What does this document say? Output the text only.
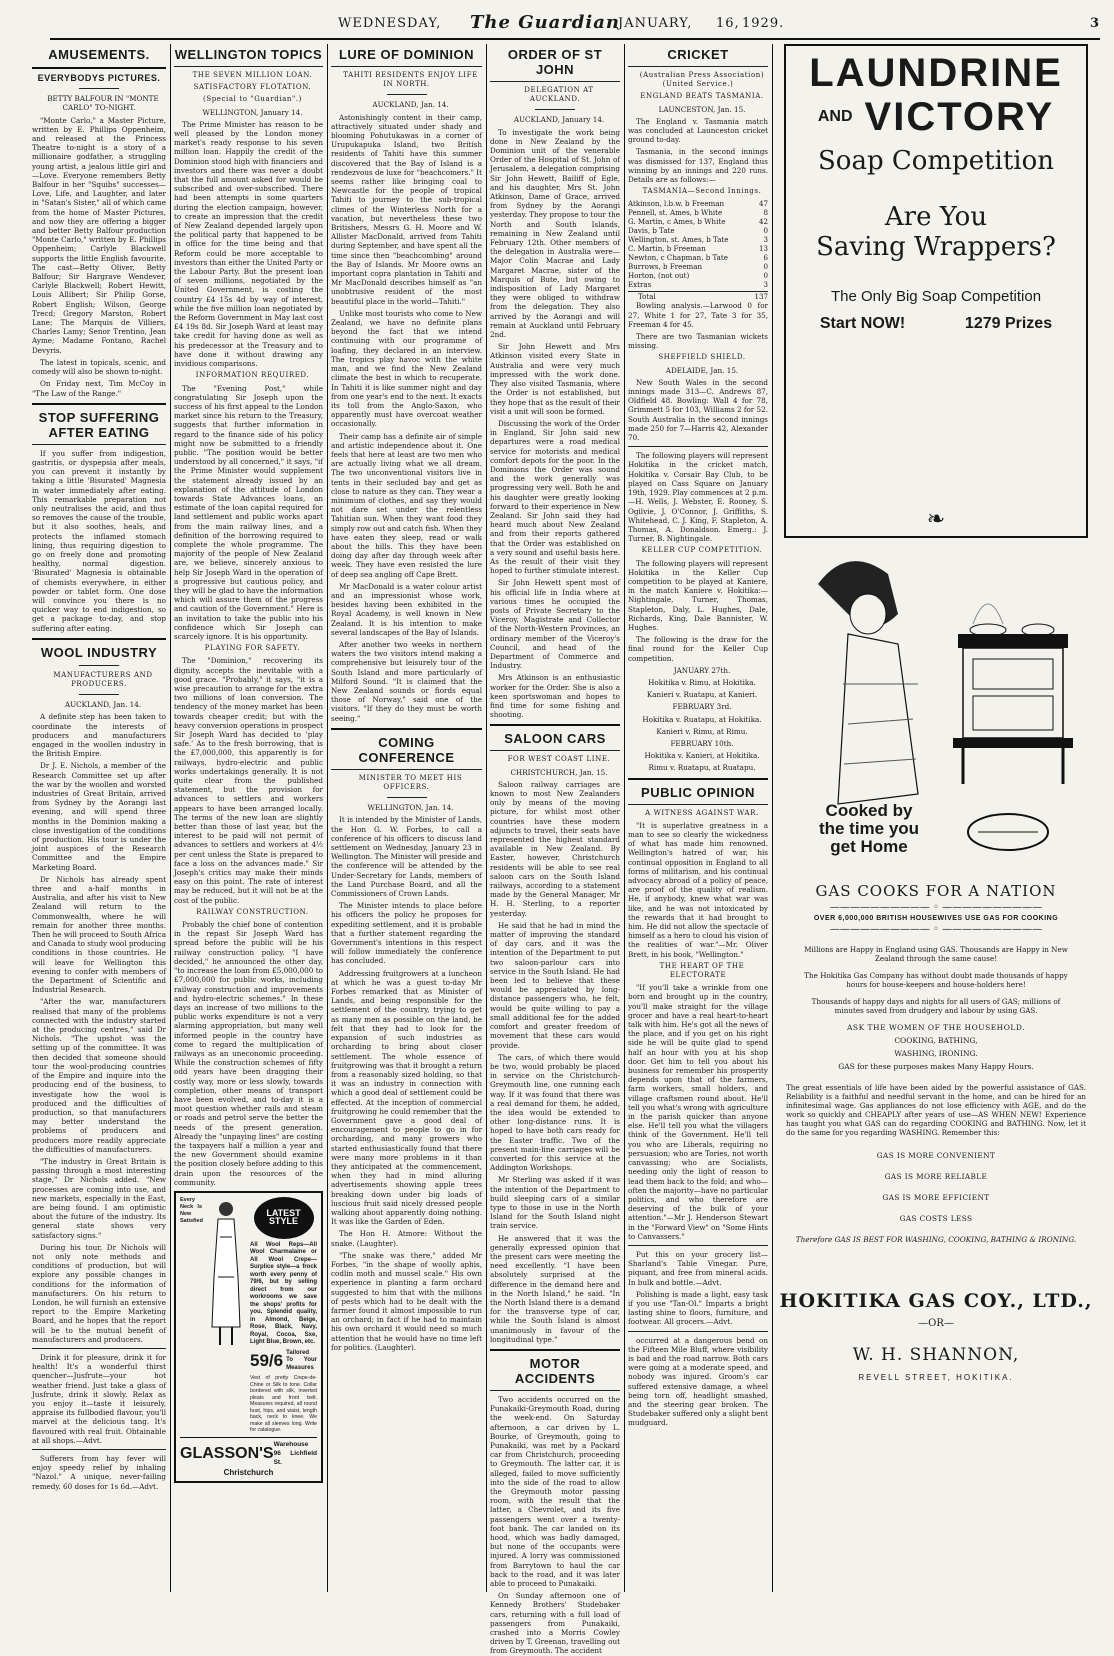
WEDNESDAY, The Guardian
JANUARY, 16, 1929.	3
AMUSEMENTS.
EVERYBODYS PICTURES.

BETTY BALFOUR IN "MONTE CARLO" TO-NIGHT.

"Monte Carlo," a Master Picture, written by E. Phillips Oppenheim, and released at the Princess Theatre to-night is a story of a millionaire godfather, a struggling young artist, a jealous little girl and—Love. Everyone remembers Betty Balfour in her "Squibs" successes—Love, Life, and Laughter, and later in "Satan's Sister," all of which came from the home of Master Pictures, and now they are offering a bigger and better Betty Balfour production "Monte Carlo," written by E. Phillips Oppenheim; Carlyle Blackwell supports the little English favourite. The cast—Betty Oliver, Betty Balfour; Sir Hargrave Wendever, Carlyle Blackwell; Robert Hewitt, Louis Allibert; Sir Philip Gorse, Robert English; Wilson, George Trecd; Gregory Marston, Robert Lane; The Marquis de Villiers, Charles Lamy; Senor Trentino, Jean Ayme; Madame Fontano, Rachel Devyris.

The latest in topicals, scenic, and comedy will also be shown to-night.

On Friday next, Tim McCoy in "The Law of the Range."

STOP SUFFERING AFTER EATING

If you suffer from indigestion, gastritis, or dyspepsia after meals, you can prevent it instantly by taking a little 'Bisurated' Magnesia in water immediately after eating. This remarkable preparation not only neutralises the acid, and thus so removes the cause of the trouble, but it also soothes, heals, and protects the inflamed stomach lining, thus requiring digestion to go on freely done and promoting healthy, normal digestion. 'Bisurated' Magnesia is obtainable of chemists everywhere, in either powder or tablet form. One dose will convince you there is no quicker way to end indigestion, so get a package to-day, and stop suffering after eating.

WOOL INDUSTRY

MANUFACTURERS AND PRODUCERS.

AUCKLAND, Jan. 14.

A definite step has been taken to coordinate the interests of producers and manufacturers engaged in the woollen industry in the British Empire.

Dr J. E. Nichols, a member of the Research Committee set up after the war by the woollen and worsted industries of Great Britain, arrived from Sydney by the Aorangi last evening, and will spend three months in the Dominion making a close investigation of the conditions of production. His tour is under the joint auspices of the Research Committee and the Empire Marketing Board.

Dr Nichols has already spent three and a-half months in Australia, and after his visit to New Zealand will return to the Commonwealth, where he will remain for another three months. Then he will proceed to South Africa and Canada to study wool producing conditions in those countries. He will leave for Wellington this evening to confer with members of the Department of Scientific and Industrial Research.

"After the war, manufacturers realised that many of the problems connected with the industry started at the producing centres," said Dr Nichols. "The upshot was the setting up of the committee. It was then decided that someone should tour the wool-producing countries of the Empire and inquire into the producing end of the business, to investigate how the wool is produced and the difficulties of production, so that manufacturers may better understand the problems of producers and producers more readily appreciate the difficulties of manufacturers.

"The industry in Great Britain is passing through a most interesting stage," Dr Nichols added. "New processes are coming into use, and new markets, especially in the East, are being found. I am optimistic about the future of the industry. Its general state shows very satisfactory signs."

During his tour, Dr Nichols will not only note methods and conditions of production, but will explore any possible changes in conditions for the information of manufacturers. On his return to London, he will furnish an extensive report to the Empire Marketing Board, and he hopes that the report will be to the mutual benefit of manufacturers and producers.

Drink it for pleasure, drink it for health! It's a wonderful thirst quencher—Jusfrute—your hot weather friend. Just take a glass of Jusfrute, drink it slowly. Relax as you enjoy it—taste it leisurely, appraise its fullbodied flavour, you'll marvel at the delicious tang. It's flavoured with real fruit. Obtainable at all shops.—Advt.

Sufferers from hay fever will enjoy speedy relief by inhaling "Nazol." A unique, never-failing remedy. 60 doses for 1s 6d.—Advt.

WELLINGTON TOPICS

THE SEVEN MILLION LOAN.

SATISFACTORY FLOTATION.

(Special to "Guardian".)

WELLINGTON, January 14.

The Prime Minister has reason to be well pleased by the London money market's ready response to his seven million loan. Happily the credit of the Dominion stood high with financiers and investors and there was never a doubt that the full amount asked for would be subscribed and over-subscribed. There had been attempts in some quarters during the election campaign, however, to create an impression that the credit of New Zealand depended largely upon the political party that happened to be in office for the time being and that Reform could be more acceptable to investors than either the United Party or the Labour Party. But the present loan of seven millions, negotiated by the United Government, is costing the country £4 15s 4d by way of interest, while the five million loan negotiated by the Reform Government in May last cost £4 19s 8d. Sir Joseph Ward at least may take credit for having done as well as his predecessor at the Treasury and to have done it without drawing any invidious comparisons.

INFORMATION REQUIRED.

The "Evening Post," while congratulating Sir Joseph upon the success of his first appeal to the London market since his return to the Treasury, suggests that further information in regard to the finance side of his policy might now be submitted to a friendly public. "The position would be better understood by all concerned," it says, "if the Prime Minister would supplement the statement already issued by an explanation of the attitude of London towards State Advances loans, an estimate of the loan capital required for land settlement and public works apart from the main railway lines, and a definition of the borrowing required to complete the whole programme. The majority of the people of New Zealand are, we believe, sincerely anxious to help Sir Joseph Ward in the operation of a progressive but cautious policy, and they will be glad to have the information which will assure them of the progress and caution of the Government." Here is an invitation to take the public into his confidence which Sir Joseph can scarcely ignore. It is his opportunity.

PLAYING FOR SAFETY.

The "Dominion," recovering its dignity, accepts the inevitable with a good grace. "Probably," it says, "it is a wise precaution to arrange for the extra two millions of loan conversion. The tendency of the money market has been towards cheaper credit; but with the heavy conversion operations in prospect Sir Joseph Ward has decided to 'play safe.' As to the fresh borrowing, that is the £7,000,000, this apparently is for railways, hydro-electric and public works undertakings generally. It is not quite clear from the published statement, but the provision for advances to settlers and workers appears to have been arranged locally. The terms of the new loan are slightly better than those of last year, but the interest to be paid will not permit of advances to settlers and workers at 4½ per cent unless the State is prepared to face a loss on the advances made." Sir Joseph's critics may make their minds easy on this point. The rate of interest may be reduced, but it will not be at the cost of the public.

RAILWAY CONSTRUCTION.

Probably the chief bone of contention in the repast Sir Joseph Ward has spread before the public will be his railway construction policy. "I have decided," he announced the other day, "to increase the loan from £5,000,000 to £7,000,000 for public works, including railway construction and improvements and hydro-electric schemes." In these days an increase of two millions to the public works expenditure is not a very alarming appropriation, but many well informed people in the country have come to regard the multiplication of railways as an uneconomic proceeding. While the construction schemes of fifty odd years have been dragging their costly way, more or less slowly, towards completion, other means of transport have been evolved, and to-day it is a moot question whether rails and steam or roads and petrol serve the better the needs of the present generation. Already the "unpaying lines" are costing the taxpayers half a million a year and the new Government should examine the position closely before adding to this drain upon the resources of the community.

Every Neck Is New Satisfied
LATEST STYLE
All Wool Reps—All Wool Charmalaine or All Wool Crepe—Surplice style—a frock worth every penny of 79/6, but by selling direct from our workrooms we save the shops' profits for you. Splendid quality, in Almond, Beige, Rose, Black, Navy, Royal, Cocoa, Sxe, Light Blue, Brown, etc.
59/6 Tailored To Your Measures
Vest of pretty Crepe-de-Chine or Silk to tone. Collar bordered with silk, inverted pleats and front belt. Measures required, all round bust, hips, and waist, length back, neck to knee. We make all sleeves long. Write for catalogue.
GLASSON'S
Warehouse 96 Lichfield St.
Christchurch
LURE OF DOMINION

TAHITI RESIDENTS ENJOY LIFE IN NORTH.

AUCKLAND, Jan. 14.

Astonishingly content in their camp, attractively situated under shady and blooming Pohutukawas in a corner of Urupukapuka Island, two British residents of Tahiti have this summer discovered that the Bay of Island is a rendezvous de luxe for "beachcomers." It seems rather like bringing coal to Newcastle for the people of tropical Tahiti to journey to the sub-tropical climes of the Winterless North for a vacation, but nevertheless these two Britishers, Messrs G. H. Moore and W. Allister MacDonald, arrived from Tahiti during September, and have spent all the time since then "beachcombing" around the Bay of Islands. Mr Moore owns an important copra plantation in Tahiti and Mr MacDonald describes himself as "an unobtrusive resident of the most beautiful place in the world—Tahiti."

Unlike most tourists who come to New Zealand, we have no definite plans beyond the fact that we intend continuing with our programme of loafing, they declared in an interview. The tropics play havoc with the white man, and we find the New Zealand climate the best in which to recuperate. In Tahiti it is like summer night and day from one year's end to the next. It exacts its toll from the Anglo-Saxon, who apparently must have overcoat weather occasionally.

Their camp has a definite air of simple and artistic independence about it. One feels that here at least are two men who are actually living what we all dream. The two unconventional visitors live in tents in their secluded bay and get as close to nature as they can. They wear a minimum of clothes, and say they would not dare set under the relentless Tahitian sun. When they want food they simply row out and catch fish. When they have eaten they sleep, read or walk about the hills. This they have been doing day after day through week after week. They have even resisted the lure of deep sea angling off Cape Brett.

Mr MacDonald is a water colour artist and an impressionist whose work, besides having been exhibited in the Royal Academy, is well known in New Zealand. It is his intention to make several landscapes of the Bay of Islands.

After another two weeks in northern waters the two visitors intend making a comprehensive but leisurely tour of the South Island and more particularly of Milford Sound. "It is claimed that the New Zealand sounds or fiords equal those of Norway," said one of the visitors. "If they do they must be worth seeing."

COMING CONFERENCE

MINISTER TO MEET HIS OFFICERS.

WELLINGTON, Jan. 14.

It is intended by the Minister of Lands, the Hon G. W. Forbes, to call a conference of his officers to discuss land settlement on Wednesday, January 23 in Wellington. The Minister will preside and the conference will be attended by the Under-Secretary for Lands, members of the Land Purchase Board, and all the Commissioners of Crown Lands.

The Minister intends to place before his officers the policy he proposes for expediting settlement, and it is probable that a further statement regarding the Government's intentions in this respect will follow immediately the conference has concluded.

Addressing fruitgrowers at a luncheon at which he was a guest to-day Mr Forbes remarked that as Minister of Lands, and being responsible for the settlement of the country, trying to get as many men as possible on the land, he felt that they had to look for the expansion of such industries as orcharding to bring about closer settlement. The whole essence of fruitgrowing was that it brought a return from a reasonably sized holding, so that it was an industry in connection with which a good deal of settlement could be effected. At the inception of commercial fruitgrowing he could remember that the Government gave a good deal of encouragement to people to go in for orcharding, and many growers who started enthusiastically found that there were many more problems in it than they anticipated at the commencement, when they had in mind alluring advertisements showing apple trees breaking down under big loads of luscious fruit said nicely dressed people walking about apparently doing nothing. It was like the Garden of Eden.

The Hon H. Atmore: Without the snake. (Laughter).

"The snake was there," added Mr Forbes, "in the shape of woolly aphis, codlin moth and mussel scale." His own experience in planting a farm orchard suggested to him that with the millions of pests which had to be dealt with the farmer found it almost impossible to run an orchard; in fact if he had to maintain his own orchard it would need so much attention that he would have no time left for politics. (Laughter).

ORDER OF ST JOHN

DELEGATION AT AUCKLAND.

AUCKLAND, January 14.

To investigate the work being done in New Zealand by the Dominion unit of the venerable Order of the Hospital of St. John of Jerusalem, a delegation comprising Sir John Hewett, Bailiff of Egle, and his daughter, Mrs St. John Atkinson, Dame of Grace, arrived from Sydney by the Aorangi yesterday. They propose to tour the North and South Islands, remaining in New Zealand until February 12th. Other members of the delegation in Australia were—Major Colin Macrae and Lady Margaret Macrae, sister of the Marquis of Bute, but owing to indisposition of Lady Margaret they were obliged to withdraw from the delegation. They also arrived by the Aorangi and will remain at Auckland until February 2nd.

Sir John Hewett and Mrs Atkinson visited every State in Australia and were very much impressed with the work done. They also visited Tasmania, where the Order is not established, but they hope that as the result of their visit a unit will soon be formed.

Discussing the work of the Order in England, Sir John said new departures were a road medical service for motorists and medical comfort depots for the poor. In the Dominions the Order was sound and the work generally was progressing very well. Both he and his daughter were greatly looking forward to their experience in New Zealand. Sir John said they had heard much about New Zealand and from their reports gathered that the Order was established on a very sound and useful basis here. As the result of their visit they hoped to further stimulate interest.

Sir John Hewett spent most of his official life in India where at various times he occupied the posts of Private Secretary to the Viceroy, Magistrate and Collector of the North-Western Provinces, an ordinary member of the Viceroy's Council, and head of the Department of Commerce and Industry.

Mrs Atkinson is an enthusiastic worker for the Order. She is also a keen sportswoman and hopes to find time for some fishing and shooting.

SALOON CARS

FOR WEST COAST LINE.

CHRISTCHURCH, Jan. 15.

Saloon railway carriages are known to most New Zealanders only by means of the moving picture, for whilst most other countries have these modern adjuncts to travel, their seats have represented the highest standard available in New Zealand. By Easter, however, Christchurch residents will be able to see real saloon cars on the South Island railways, according to a statement made by the General Manager, Mr H. H. Sterling, to a reporter yesterday.

He said that he had in mind the matter of improving the standard of day cars, and it was the intention of the Department to put two saloon-parlour cars into service in the South Island. He had been led to believe that these would be appreciated by long-distance passengers who, he felt, would be quite willing to pay a small additional fee for the added comfort and greater freedom of movement that these cars would provide.

The cars, of which there would be two, would probably be placed in service on the Christchurch-Greymouth line, one running each way. If it was found that there was a real demand for them, he added, the idea would be extended to other long-distance runs. It is hoped to have both cars ready for the Easter traffic. Two of the present main-line carriages will be converted for this service at the Addington Workshops.

Mr Sterling was asked if it was the intention of the Department to build sleeping cars of a similar type to those in use in the North Island for the South Island night train service.

He answered that it was the generally expressed opinion that the present cars were meeting the need excellently. "I have been absolutely surprised at the difference in the demand here and in the North Island," he said. "In the North Island there is a demand for the transverse type of car, while the South Island is almost unanimously in favour of the longitudinal type."

MOTOR ACCIDENTS

Two accidents occurred on the Punakaiki-Greymouth Road, during the week-end. On Saturday afternoon, a car driven by L. Bourke, of Greymouth, going to Punakaiki, was met by a Packard car from Christchurch, proceeding to Greymouth. The latter car, it is alleged, failed to move sufficiently into the side of the road to allow the Greymouth motor passing room, with the result that the latter, a Chevrolet, and its five passengers went over a twenty-foot bank. The car landed on its hood, which was badly damaged, but none of the occupants were injured. A lorry was commissioned from Barrytown to haul the car back to the road, and it was later able to proceed to Punakaiki.

On Sunday afternoon one of Kennedy Brothers' Studebaker cars, returning with a full load of passengers from Punakaiki, crashed into a Morris Cowley driven by T. Greenan, travelling out from Greymouth. The accident

CRICKET

(Australian Press Association) (United Service.)

ENGLAND BEATS TASMANIA.

LAUNCESTON, Jan. 15.

The England v. Tasmania match was concluded at Launceston cricket ground to-day.

Tasmania, in the second innings was dismissed for 137, England thus winning by an innings and 220 runs. Details are as follows:—

TASMANIA—Second Innings.

Atkinson, l.b.w. b Freeman	47
Pennell, st. Ames, b White	8
G. Martin, c Ames, b White	42
Davis, b Tate	0
Wellington, st. Ames, b Tate	3
C. Martin, b Freeman	13
Newton, c Chapman, b Tate	6
Burrows, b Freeman	0
Horton, (not out)	0
Extras	3
Total	137

Bowling analysis.—Larwood 0 for 27, White 1 for 27, Tate 3 for 35, Freeman 4 for 45.

There are two Tasmanian wickets missing.

SHEFFIELD SHIELD.

ADELAIDE, Jan. 15.

New South Wales in the second innings made 313—C. Andrews 87, Oldfield 48. Bowling: Wall 4 for 78, Grimmett 5 for 103, Williams 2 for 52. South Australia in the second innings made 250 for 7—Harris 42, Alexander 70.

The following players will represent Hokitika in the cricket match, Hokitika v. Corsair Bay Club, to be played on Cass Square on January 19th, 1929. Play commences at 2 p.m.—H. Wells, J. Webster, E. Rooney, S. Ogilvie, J. O'Connor, J. Griffiths, S. Whitehead, C. J. King, F. Stapleton, A. Thomas, A. Donaldson. Emerg.: J. Turner, B. Nightingale.

KELLER CUP COMPETITION.

The following players will represent Hokitika in the Keller Cup competition to be played at Kaniere, in the match Kaniere v. Hokitika:—Nightingale, Turner, Thomas, Stapleton, Daly, L. Hughes, Dale, Richards, King, Dale Bannister, W. Hughes.

The following is the draw for the final round for the Keller Cup competition.

JANUARY 27th.

Hokitika v. Rimu, at Hokitika.

Kanieri v. Ruatapu, at Kanieri.

FEBRUARY 3rd.

Hokitika v. Ruatapu, at Hokitika.

Kanieri v. Rimu, at Rimu.

FEBRUARY 10th.

Hokitika v. Kanieri, at Hokitika.

Rimu v. Ruatapu, at Ruatapu.

PUBLIC OPINION

A WITNESS AGAINST WAR.

"It is superlative greatness in a man to see so clearly the wickedness of what has made him renowned. Wellington's hatred of war, his continual opposition in England to all forms of militarism, and his continual advocacy abroad of a policy of peace, are proof of the quality of realism. He, if anybody, knew what war was like, and he was not intoxicated by the rewards that it had brought to him. He did not allow the spectacle of himself as a hero to cloud his vision of the realities of war."—Mr. Oliver Brett, in his book, "Wellington."

THE HEART OF THE ELECTORATE

"If you'll take a wrinkle from one born and brought up in the country, you'll make straight for the village grocer and have a real heart-to-heart talk with him. He's got all the news of the place, and if you get on his right side he will be quite glad to spend half an hour with you at his shop door. Get him to tell you about his business for remember his prosperity depends upon that of the farmers, farm workers, small holders, and village craftsmen round about. He'll tell you what's wrong with agriculture in the parish quicker than anyone else. He'll tell you what the villagers think of the Government. He'll tell you who are Liberals, requiring no persuasion; who are Tories, not worth canvassing; who are Socialists, needing only the light of reason to lead them back to the fold; and who—often the majority—have no particular politics, and who therefore are deserving of the bulk of your attention."—Mr J. Henderson Stewart in the "Forward View" on "Some Hints to Canvassers."

Put this on your grocery list—Sharland's Table Vinegar. Pure, piquant, and free from mineral acids. In bulk and bottle.—Advt.

Polishing is made a light, easy task if you use "Tan-Ol." Imparts a bright lasting shine to floors, furniture, and footwear. All grocers.—Advt.

occurred at a dangerous bend on the Fifteen Mile Bluff, where visibility is bad and the road narrow. Both cars were going at a moderate speed, and nobody was injured. Groom's car suffered extensive damage, a wheel being torn off, headlight smashed, and the steering gear broken. The Studebaker suffered only a slight bent mudguard.

LAUNDRINE
AND VICTORY
Soap Competition
Are You
Saving Wrappers?
The Only Big Soap Competition
Start NOW!	1279 Prizes
❧
Cooked by the time you get Home
GAS COOKS FOR A NATION
—————————— ◦ ——————————
OVER 6,000,000 BRITISH HOUSEWIVES USE GAS FOR COOKING
—————————— ◦ ——————————
Millions are Happy in England using GAS. Thousands are Happy in New Zealand through the same cause!
The Hokitika Gas Company has without doubt made thousands of happy hours for house-keepers and house-holders here!
Thousands of happy days and nights for all users of GAS; millions of minutes saved from drudgery and labour by using GAS.
ASK THE WOMEN OF THE HOUSEHOLD.
COOKING, BATHING,
WASHING, IRONING.
GAS for these purposes makes Many Happy Hours.
The great essentials of life have been aided by the powerful assistance of GAS. Reliability is a faithful and needful servant in the home, and can be hired for an infinitesimal wage. Gas appliances do not lose efficiency with AGE, and do the work so quickly and CHEAPLY after years of use—AS WHEN NEW! Experience has taught you what GAS can do regarding COOKING and BATHING. Now, let it do the same for you regarding WASHING. Remember this:
GAS IS MORE CONVENIENT
GAS IS MORE RELIABLE
GAS IS MORE EFFICIENT
GAS COSTS LESS
Therefore GAS IS BEST FOR WASHING, COOKING, BATHING & IRONING.
HOKITIKA GAS COY., LTD.,
—OR—
W. H. SHANNON,
REVELL STREET, HOKITIKA.
